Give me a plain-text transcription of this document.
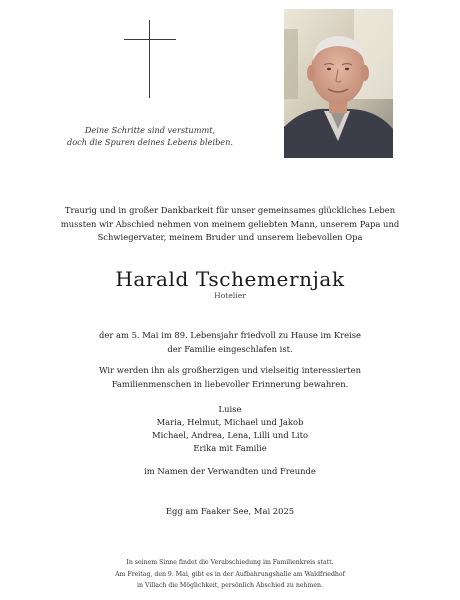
Deine Schritte sind verstummt,
doch die Spuren deines Lebens bleiben.
Traurig und in großer Dankbarkeit für unser gemeinsames glückliches Leben
mussten wir Abschied nehmen von meinem geliebten Mann, unserem Papa und
Schwiegervater, meinem Bruder und unserem liebevollen Opa
Harald Tschemernjak
Hotelier
der am 5. Mai im 89. Lebensjahr friedvoll zu Hause im Kreise
der Familie eingeschlafen ist.
Wir werden ihn als großherzigen und vielseitig interessierten
Familienmenschen in liebevoller Erinnerung bewahren.
Luise
Maria, Helmut, Michael und Jakob
Michael, Andrea, Lena, Lilli und Lito
Erika mit Familie
im Namen der Verwandten und Freunde
Egg am Faaker See, Mai 2025
In seinem Sinne findet die Verabschiedung im Familienkreis statt.
Am Freitag, den 9. Mai, gibt es in der Aufbahrungshalle am Waldfriedhof
in Villach die Möglichkeit, persönlich Abschied zu nehmen.
